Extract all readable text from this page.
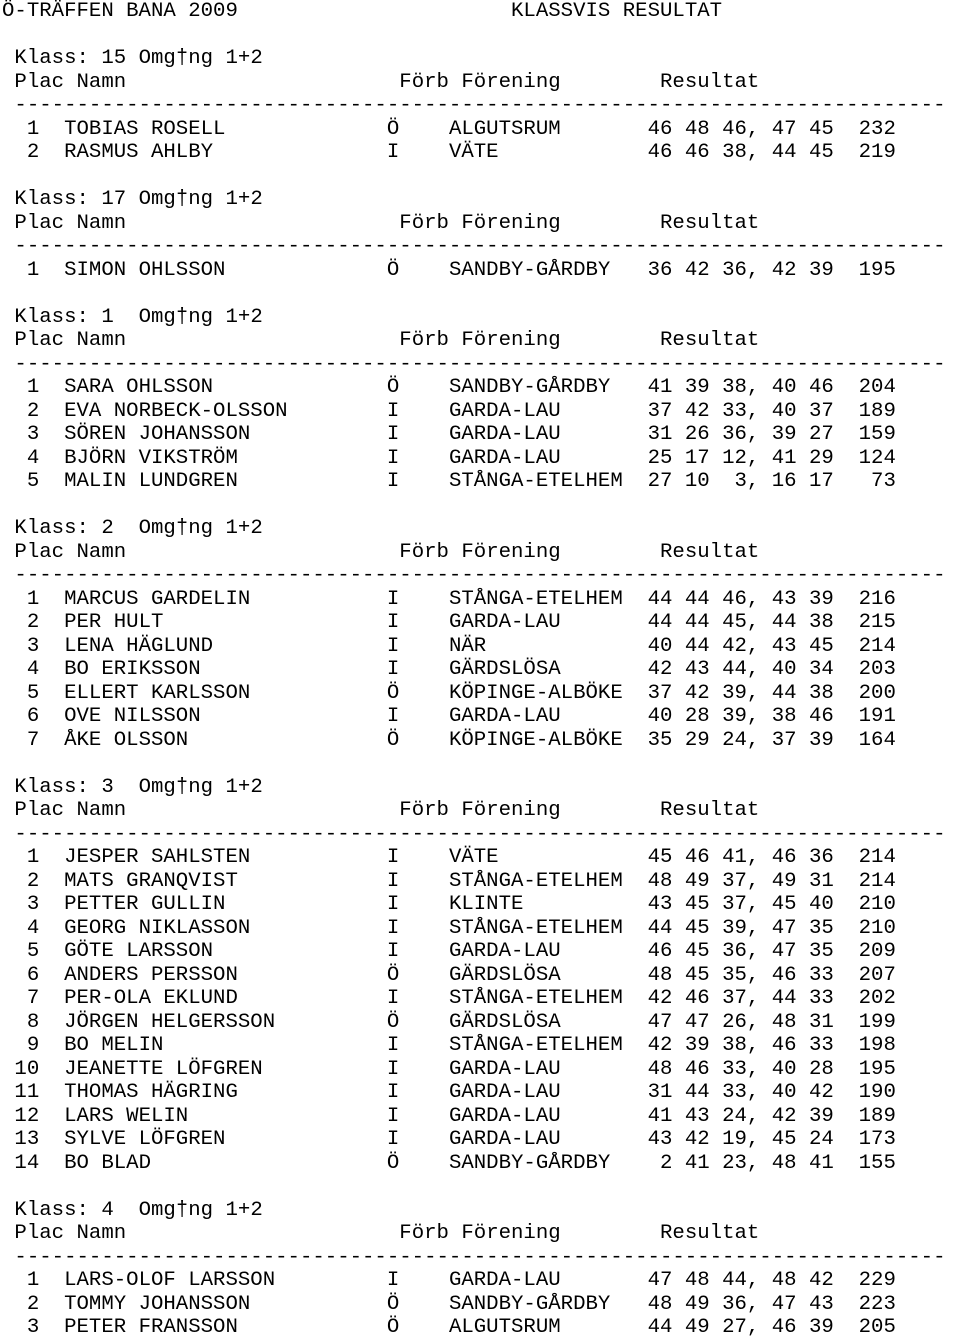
Ö-TRÄFFEN BANA 2009	KLASSVIS RESULTAT

Klass: 15 Omg†ng 1+2
Plac Namn                      Förb Förening        Resultat
---------------------------------------------------------------------------
1  TOBIAS ROSELL             Ö    ALGUTSRUM       46 48 46, 47 45  232
2  RASMUS AHLBY              I    VÄTE            46 46 38, 44 45  219

Klass: 17 Omg†ng 1+2
Plac Namn                      Förb Förening        Resultat
---------------------------------------------------------------------------
1  SIMON OHLSSON             Ö    SANDBY-GÅRDBY   36 42 36, 42 39  195

Klass: 1  Omg†ng 1+2
Plac Namn                      Förb Förening        Resultat
---------------------------------------------------------------------------
1  SARA OHLSSON              Ö    SANDBY-GÅRDBY   41 39 38, 40 46  204
2  EVA NORBECK-OLSSON        I    GARDA-LAU       37 42 33, 40 37  189
3  SÖREN JOHANSSON           I    GARDA-LAU       31 26 36, 39 27  159
4  BJÖRN VIKSTRÖM            I    GARDA-LAU       25 17 12, 41 29  124
5  MALIN LUNDGREN            I    STÅNGA-ETELHEM  27 10  3, 16 17   73

Klass: 2  Omg†ng 1+2
Plac Namn                      Förb Förening        Resultat
---------------------------------------------------------------------------
1  MARCUS GARDELIN           I    STÅNGA-ETELHEM  44 44 46, 43 39  216
2  PER HULT                  I    GARDA-LAU       44 44 45, 44 38  215
3  LENA HÄGLUND              I    NÄR             40 44 42, 43 45  214
4  BO ERIKSSON               I    GÄRDSLÖSA       42 43 44, 40 34  203
5  ELLERT KARLSSON           Ö    KÖPINGE-ALBÖKE  37 42 39, 44 38  200
6  OVE NILSSON               I    GARDA-LAU       40 28 39, 38 46  191
7  ÅKE OLSSON                Ö    KÖPINGE-ALBÖKE  35 29 24, 37 39  164

Klass: 3  Omg†ng 1+2
Plac Namn                      Förb Förening        Resultat
---------------------------------------------------------------------------
1  JESPER SAHLSTEN           I    VÄTE            45 46 41, 46 36  214
2  MATS GRANQVIST            I    STÅNGA-ETELHEM  48 49 37, 49 31  214
3  PETTER GULLIN             I    KLINTE          43 45 37, 45 40  210
4  GEORG NIKLASSON           I    STÅNGA-ETELHEM  44 45 39, 47 35  210
5  GÖTE LARSSON              I    GARDA-LAU       46 45 36, 47 35  209
6  ANDERS PERSSON            Ö    GÄRDSLÖSA       48 45 35, 46 33  207
7  PER-OLA EKLUND            I    STÅNGA-ETELHEM  42 46 37, 44 33  202
8  JÖRGEN HELGERSSON         Ö    GÄRDSLÖSA       47 47 26, 48 31  199
9  BO MELIN                  I    STÅNGA-ETELHEM  42 39 38, 46 33  198
10  JEANETTE LÖFGREN          I    GARDA-LAU       48 46 33, 40 28  195
11  THOMAS HÄGRING            I    GARDA-LAU       31 44 33, 40 42  190
12  LARS WELIN                I    GARDA-LAU       41 43 24, 42 39  189
13  SYLVE LÖFGREN             I    GARDA-LAU       43 42 19, 45 24  173
14  BO BLAD                   Ö    SANDBY-GÅRDBY    2 41 23, 48 41  155

Klass: 4  Omg†ng 1+2
Plac Namn                      Förb Förening        Resultat
---------------------------------------------------------------------------
1  LARS-OLOF LARSSON         I    GARDA-LAU       47 48 44, 48 42  229
2  TOMMY JOHANSSON           Ö    SANDBY-GÅRDBY   48 49 36, 47 43  223
3  PETER FRANSSON            Ö    ALGUTSRUM       44 49 27, 46 39  205
